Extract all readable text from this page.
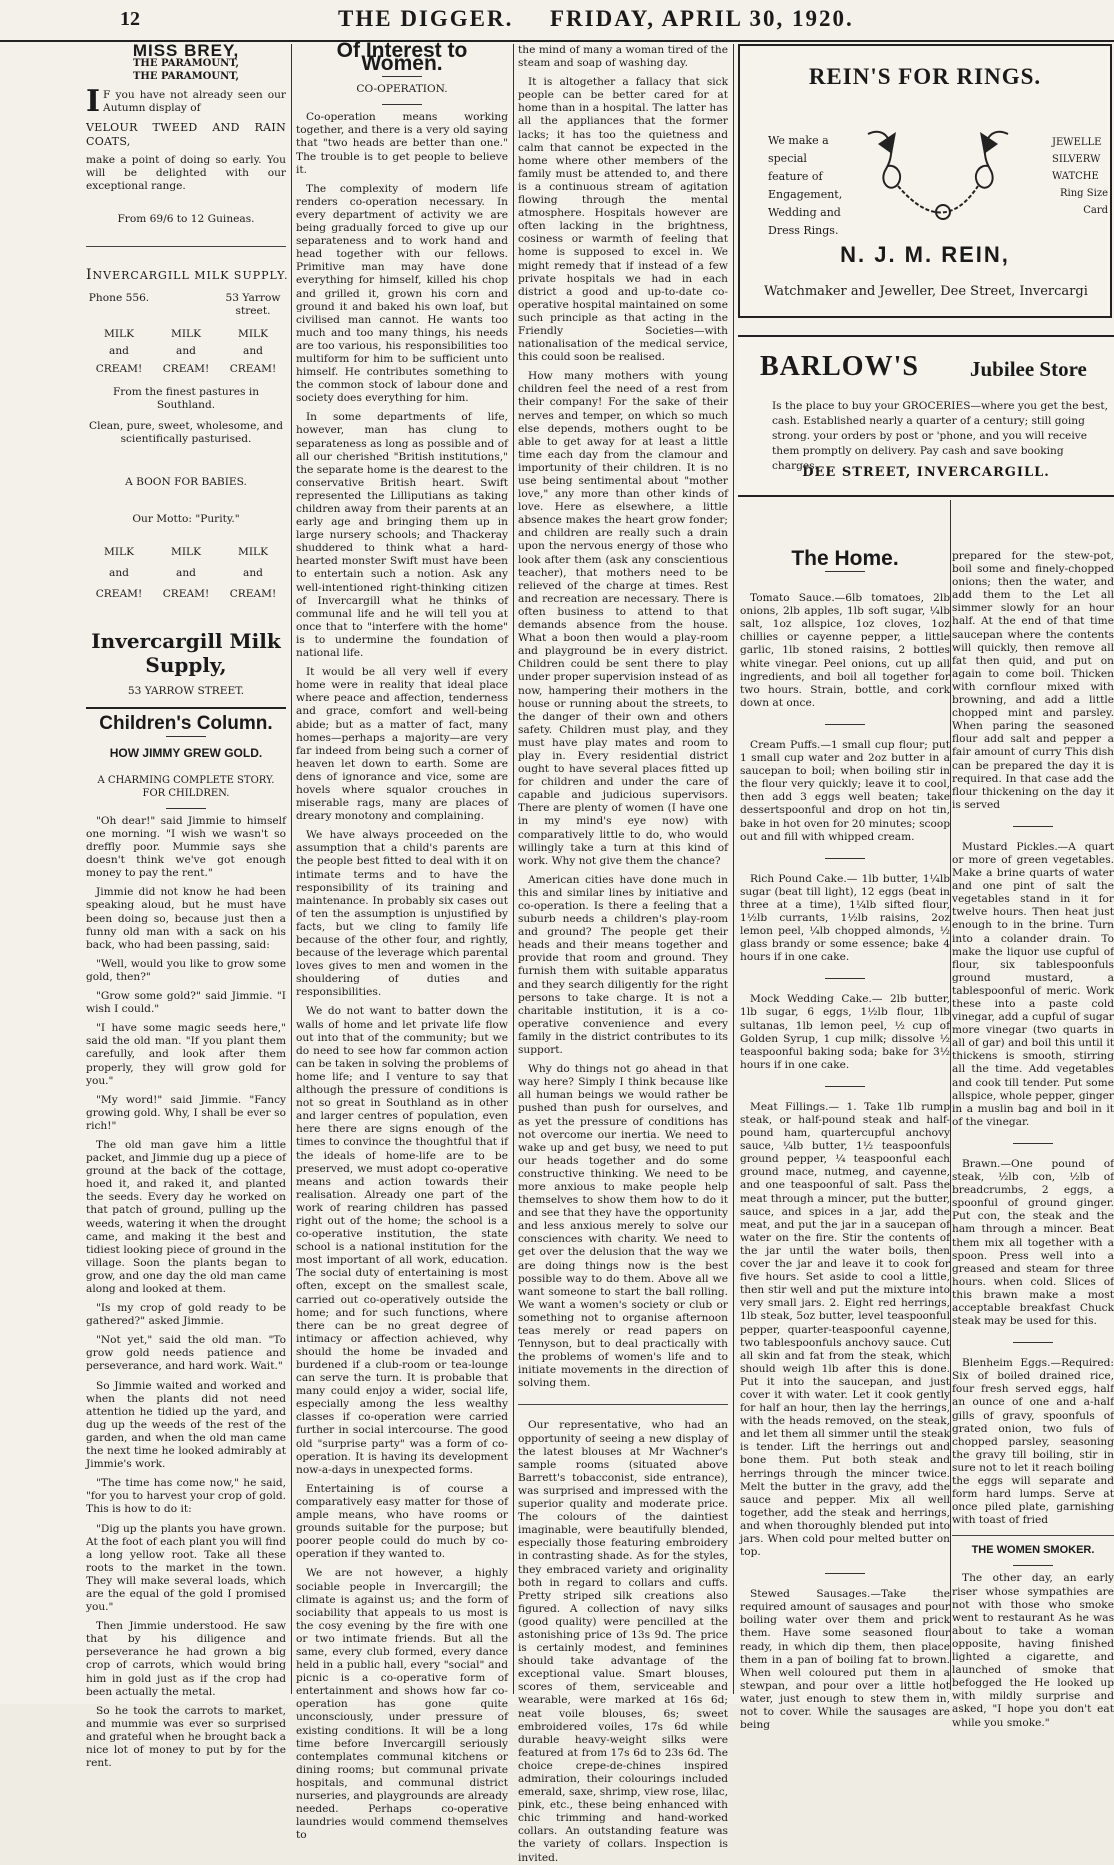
12	THE DIGGER. FRIDAY, APRIL 30, 1920.
MISS BREY,
THE PARAMOUNT,
THE PARAMOUNT,

I F you have not already seen our Autumn display of

VELOUR TWEED AND RAIN COATS,

make a point of doing so early. You will be delighted with our exceptional range.

From 69/6 to 12 Guineas.
INVERCARGILL MILK SUPPLY.
Phone 556.	53 Yarrow street.
MILK	MILK	MILK
and	and	and
CREAM!	CREAM!	CREAM!
From the finest pastures in Southland.
Clean, pure, sweet, wholesome, and scientifically pasturised.
A BOON FOR BABIES.
Our Motto: "Purity."
MILK	MILK	MILK
and	and	and
CREAM!	CREAM!	CREAM!
Invercargill Milk
Supply,
53 YARROW STREET.
Children's Column.
HOW JIMMY GREW GOLD.
A CHARMING COMPLETE STORY. FOR CHILDREN.

"Oh dear!" said Jimmie to himself one morning. "I wish we wasn't so dreffly poor. Mummie says she doesn't think we've got enough money to pay the rent."

Jimmie did not know he had been speaking aloud, but he must have been doing so, because just then a funny old man with a sack on his back, who had been passing, said:

"Well, would you like to grow some gold, then?"

"Grow some gold?" said Jimmie. "I wish I could."

"I have some magic seeds here," said the old man. "If you plant them carefully, and look after them properly, they will grow gold for you."

"My word!" said Jimmie. "Fancy growing gold. Why, I shall be ever so rich!"

The old man gave him a little packet, and Jimmie dug up a piece of ground at the back of the cottage, hoed it, and raked it, and planted the seeds. Every day he worked on that patch of ground, pulling up the weeds, watering it when the drought came, and making it the best and tidiest looking piece of ground in the village. Soon the plants began to grow, and one day the old man came along and looked at them.

"Is my crop of gold ready to be gathered?" asked Jimmie.

"Not yet," said the old man. "To grow gold needs patience and perseverance, and hard work. Wait."

So Jimmie waited and worked and when the plants did not need attention he tidied up the yard, and dug up the weeds of the rest of the garden, and when the old man came the next time he looked admirably at Jimmie's work.

"The time has come now," he said, "for you to harvest your crop of gold. This is how to do it:

"Dig up the plants you have grown. At the foot of each plant you will find a long yellow root. Take all these roots to the market in the town. They will make several loads, which are the equal of the gold I promised you."

Then Jimmie understood. He saw that by his diligence and perseverance he had grown a big crop of carrots, which would bring him in gold just as if the crop had been actually the metal.

So he took the carrots to market, and mummie was ever so surprised and grateful when he brought back a nice lot of money to put by for the rent.

Of Interest to Women.
CO-OPERATION.

Co-operation means working together, and there is a very old saying that "two heads are better than one." The trouble is to get people to believe it.

The complexity of modern life renders co-operation necessary. In every department of activity we are being gradually forced to give up our separateness and to work hand and head together with our fellows. Primitive man may have done everything for himself, killed his chop and grilled it, grown his corn and ground it and baked his own loaf, but civilised man cannot. He wants too much and too many things, his needs are too various, his responsibilities too multiform for him to be sufficient unto himself. He contributes something to the common stock of labour done and society does everything for him.

In some departments of life, however, man has clung to separateness as long as possible and of all our cherished "British institutions," the separate home is the dearest to the conservative British heart. Swift represented the Lilliputians as taking children away from their parents at an early age and bringing them up in large nursery schools; and Thackeray shuddered to think what a hard-hearted monster Swift must have been to entertain such a notion. Ask any well-intentioned right-thinking citizen of Invercargill what he thinks of communal life and he will tell you at once that to "interfere with the home" is to undermine the foundation of national life.

It would be all very well if every home were in reality that ideal place where peace and affection, tenderness and grace, comfort and well-being abide; but as a matter of fact, many homes—perhaps a majority—are very far indeed from being such a corner of heaven let down to earth. Some are dens of ignorance and vice, some are hovels where squalor crouches in miserable rags, many are places of dreary monotony and complaining.

We have always proceeded on the assumption that a child's parents are the people best fitted to deal with it on intimate terms and to have the responsibility of its training and maintenance. In probably six cases out of ten the assumption is unjustified by facts, but we cling to family life because of the other four, and rightly, because of the leverage which parental loves gives to men and women in the shouldering of duties and responsibilities.

We do not want to batter down the walls of home and let private life flow out into that of the community; but we do need to see how far common action can be taken in solving the problems of home life; and I venture to say that although the pressure of conditions is not so great in Southland as in other and larger centres of population, even here there are signs enough of the times to convince the thoughtful that if the ideals of home-life are to be preserved, we must adopt co-operative means and action towards their realisation. Already one part of the work of rearing children has passed right out of the home; the school is a co-operative institution, the state school is a national institution for the most important of all work, education. The social duty of entertaining is most often, except on the smallest scale, carried out co-operatively outside the home; and for such functions, where there can be no great degree of intimacy or affection achieved, why should the home be invaded and burdened if a club-room or tea-lounge can serve the turn. It is probable that many could enjoy a wider, social life, especially among the less wealthy classes if co-operation were carried further in social intercourse. The good old "surprise party" was a form of co-operation. It is having its development now-a-days in unexpected forms.

Entertaining is of course a comparatively easy matter for those of ample means, who have rooms or grounds suitable for the purpose; but poorer people could do much by co-operation if they wanted to.

We are not however, a highly sociable people in Invercargill; the climate is against us; and the form of sociability that appeals to us most is the cosy evening by the fire with one or two intimate friends. But all the same, every club formed, every dance held in a public hall, every "social" and picnic is a co-operative form of entertainment and shows how far co-operation has gone quite unconsciously, under pressure of existing conditions. It will be a long time before Invercargill seriously contemplates communal kitchens or dining rooms; but communal private hospitals, and communal district nurseries, and playgrounds are already needed. Perhaps co-operative laundries would commend themselves to

the mind of many a woman tired of the steam and soap of washing day.

It is altogether a fallacy that sick people can be better cared for at home than in a hospital. The latter has all the appliances that the former lacks; it has too the quietness and calm that cannot be expected in the home where other members of the family must be attended to, and there is a continuous stream of agitation flowing through the mental atmosphere. Hospitals however are often lacking in the brightness, cosiness or warmth of feeling that home is supposed to excel in. We might remedy that if instead of a few private hospitals we had in each district a good and up-to-date co-operative hospital maintained on some such principle as that acting in the Friendly Societies—with nationalisation of the medical service, this could soon be realised.

How many mothers with young children feel the need of a rest from their company! For the sake of their nerves and temper, on which so much else depends, mothers ought to be able to get away for at least a little time each day from the clamour and importunity of their children. It is no use being sentimental about "mother love," any more than other kinds of love. Here as elsewhere, a little absence makes the heart grow fonder; and children are really such a drain upon the nervous energy of those who look after them (ask any conscientious teacher), that mothers need to be relieved of the charge at times. Rest and recreation are necessary. There is often business to attend to that demands absence from the house. What a boon then would a play-room and playground be in every district. Children could be sent there to play under proper supervision instead of as now, hampering their mothers in the house or running about the streets, to the danger of their own and others safety. Children must play, and they must have play mates and room to play in. Every residential district ought to have several places fitted up for children and under the care of capable and judicious supervisors. There are plenty of women (I have one in my mind's eye now) with comparatively little to do, who would willingly take a turn at this kind of work. Why not give them the chance?

American cities have done much in this and similar lines by initiative and co-operation. Is there a feeling that a suburb needs a children's play-room and ground? The people get their heads and their means together and provide that room and ground. They furnish them with suitable apparatus and they search diligently for the right persons to take charge. It is not a charitable institution, it is a co-operative convenience and every family in the district contributes to its support.

Why do things not go ahead in that way here? Simply I think because like all human beings we would rather be pushed than push for ourselves, and as yet the pressure of conditions has not overcome our inertia. We need to wake up and get busy, we need to put our heads together and do some constructive thinking. We need to be more anxious to make people help themselves to show them how to do it and see that they have the opportunity and less anxious merely to solve our consciences with charity. We need to get over the delusion that the way we are doing things now is the best possible way to do them. Above all we want someone to start the ball rolling. We want a women's society or club or something not to organise afternoon teas merely or read papers on Tennyson, but to deal practically with the problems of women's life and to initiate movements in the direction of solving them.

Our representative, who had an opportunity of seeing a new display of the latest blouses at Mr Wachner's sample rooms (situated above Barrett's tobacconist, side entrance), was surprised and impressed with the superior quality and moderate price. The colours of the daintiest imaginable, were beautifully blended, especially those featuring embroidery in contrasting shade. As for the styles, they embraced variety and originality both in regard to collars and cuffs. Pretty striped silk creations also figured. A collection of navy silks (good quality) were pencilled at the astonishing price of 13s 9d. The price is certainly modest, and feminines should take advantage of the exceptional value. Smart blouses, scores of them, serviceable and wearable, were marked at 16s 6d; neat voile blouses, 6s; sweet embroidered voiles, 17s 6d while durable heavy-weight silks were featured at from 17s 6d to 23s 6d. The choice crepe-de-chines inspired admiration, their colourings included emerald, saxe, shrimp, view rose, lilac, pink, etc., these being enhanced with chic trimming and hand-worked collars. An outstanding feature was the variety of collars. Inspection is invited.

REIN'S FOR RINGS.
We make a special feature of Engagement, Wedding and Dress Rings.
JEWELLE
SILVERW
WATCHE
Ring Size
Card
N. J. M. REIN,
Watchmaker and Jeweller, Dee Street, Invercargi
BARLOW'S Jubilee Store
Is the place to buy your GROCERIES—where you get the best, cash. Established nearly a quarter of a century; still going strong. your orders by post or 'phone, and you will receive them promptly on delivery. Pay cash and save booking charges.
DEE STREET, INVERCARGILL.
The Home.

Tomato Sauce.—6lb tomatoes, 2lb onions, 2lb apples, 1lb soft sugar, ¼lb salt, 1oz allspice, 1oz cloves, 1oz chillies or cayenne pepper, a little garlic, 1lb stoned raisins, 2 bottles white vinegar. Peel onions, cut up all ingredients, and boil all together for two hours. Strain, bottle, and cork down at once.

Cream Puffs.—1 small cup flour; put 1 small cup water and 2oz butter in a saucepan to boil; when boiling stir in the flour very quickly; leave it to cool, then add 3 eggs well beaten; take dessertspoonful and drop on hot tin, bake in hot oven for 20 minutes; scoop out and fill with whipped cream.

Rich Pound Cake.— 1lb butter, 1¼lb sugar (beat till light), 12 eggs (beat in three at a time), 1¼lb sifted flour, 1½lb currants, 1½lb raisins, 2oz lemon peel, ¼lb chopped almonds, ½ glass brandy or some essence; bake 4 hours if in one cake.

Mock Wedding Cake.— 2lb butter, 1lb sugar, 6 eggs, 1½lb flour, 1lb sultanas, 1lb lemon peel, ½ cup of Golden Syrup, 1 cup milk; dissolve ½ teaspoonful baking soda; bake for 3½ hours if in one cake.

Meat Fillings.— 1. Take 1lb rump steak, or half-pound steak and half-pound ham, quartercupful anchovy sauce, ¼lb butter, 1½ teaspoonfuls ground pepper, ¼ teaspoonful each ground mace, nutmeg, and cayenne, and one teaspoonful of salt. Pass the meat through a mincer, put the butter, sauce, and spices in a jar, add the meat, and put the jar in a saucepan of water on the fire. Stir the contents of the jar until the water boils, then cover the jar and leave it to cook for five hours. Set aside to cool a little, then stir well and put the mixture into very small jars. 2. Eight red herrings, 1lb steak, 5oz butter, level teaspoonful pepper, quarter-teaspoonful cayenne, two tablespoonfuls anchovy sauce. Cut all skin and fat from the steak, which should weigh 1lb after this is done. Put it into the saucepan, and just cover it with water. Let it cook gently for half an hour, then lay the herrings, with the heads removed, on the steak, and let them all simmer until the steak is tender. Lift the herrings out and bone them. Put both steak and herrings through the mincer twice. Melt the butter in the gravy, add the sauce and pepper. Mix all well together, add the steak and herrings, and when thoroughly blended put into jars. When cold pour melted butter on top.

Stewed Sausages.—Take the required amount of sausages and pour boiling water over them and prick them. Have some seasoned flour ready, in which dip them, then place them in a pan of boiling fat to brown. When well coloured put them in a stewpan, and pour over a little hot water, just enough to stew them in, not to cover. While the sausages are being

prepared for the stew-pot, boil some and finely-chopped onions; then the water, and add them to the Let all simmer slowly for an hour half. At the end of that time saucepan where the contents will quickly, then remove all fat then quid, and put on again to come boil. Thicken with cornflour mixed with browning, and add a little chopped mint and parsley. When paring the seasoned flour add salt and pepper a fair amount of curry This dish can be prepared the day it is required. In that case add the flour thickening on the day it is served

Mustard Pickles.—A quart or more of green vegetables. Make a brine quarts of water and one pint of salt the vegetables stand in it for twelve hours. Then heat just enough to in the brine. Turn into a colander drain. To make the liquor use cupful of flour, six tablespoonfuls ground mustard, a tablespoonful of meric. Work these into a paste cold vinegar, add a cupful of sugar more vinegar (two quarts in all of gar) and boil this until it thickens is smooth, stirring all the time. Add vegetables and cook till tender. Put some allspice, whole pepper, ginger in a muslin bag and boil in it of the vinegar.

Brawn.—One pound of steak, ½lb con, ½lb of breadcrumbs, 2 eggs, a spoonful of ground ginger. Put con, the steak and the ham through a mincer. Beat them mix all together with a spoon. Press well into a greased and steam for three hours. when cold. Slices of this brawn make a most acceptable breakfast Chuck steak may be used for this.

Blenheim Eggs.—Required: Six of boiled drained rice, four fresh served eggs, half an ounce of one and a-half gills of gravy, spoonfuls of grated onion, two fuls of chopped parsley, seasoning the gravy till boiling, stir in sure not to let it reach boiling the eggs will separate and form hard lumps. Serve at once piled plate, garnishing with toast of fried

THE WOMEN SMOKER.

The other day, an early riser whose sympathies are not with those who smoke went to restaurant As he was about to take a woman opposite, having finished lighted a cigarette, and launched of smoke that befogged the He looked up with mildly surprise and asked, "I hope you don't eat while you smoke."
